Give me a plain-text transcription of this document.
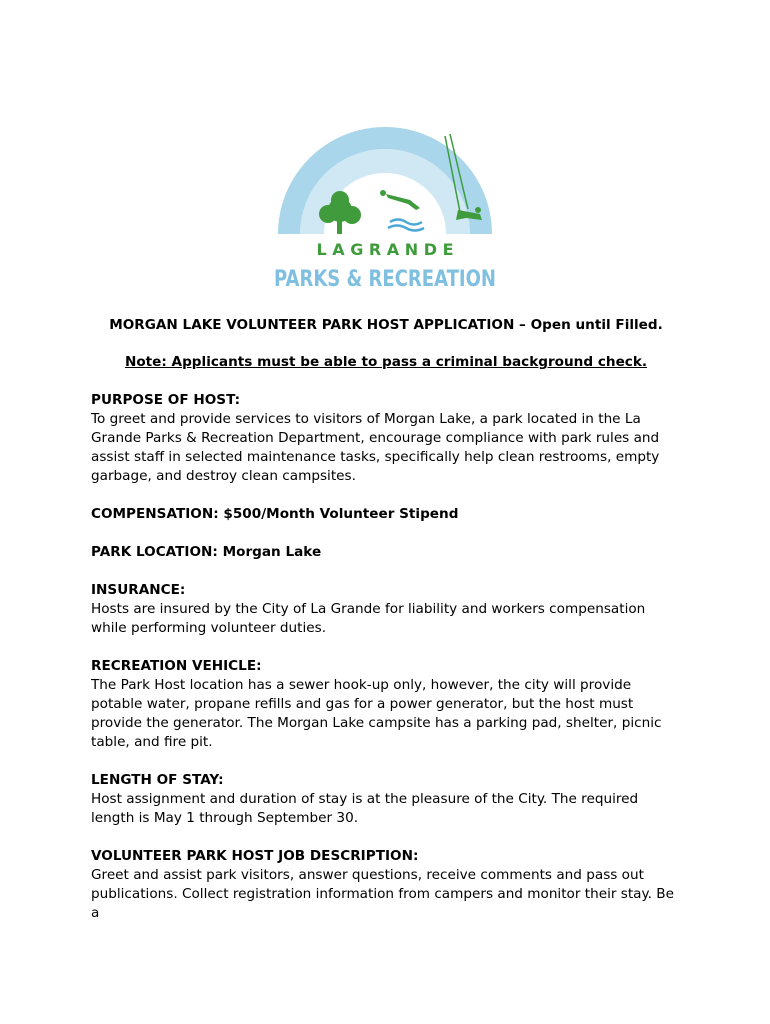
L A G R A N D E
PARKS & RECREATION

MORGAN LAKE VOLUNTEER PARK HOST APPLICATION – Open until Filled.

Note: Applicants must be able to pass a criminal background check.

PURPOSE OF HOST:
To greet and provide services to visitors of Morgan Lake, a park located in the La Grande Parks & Recreation Department, encourage compliance with park rules and assist staff in selected maintenance tasks, specifically help clean restrooms, empty garbage, and destroy clean campsites.
COMPENSATION: $500/Month Volunteer Stipend
PARK LOCATION: Morgan Lake
INSURANCE:
Hosts are insured by the City of La Grande for liability and workers compensation while performing volunteer duties.
RECREATION VEHICLE:
The Park Host location has a sewer hook-up only, however, the city will provide potable water, propane refills and gas for a power generator, but the host must provide the generator. The Morgan Lake campsite has a parking pad, shelter, picnic table, and fire pit.
LENGTH OF STAY:
Host assignment and duration of stay is at the pleasure of the City. The required length is May 1 through September 30.
VOLUNTEER PARK HOST JOB DESCRIPTION:
Greet and assist park visitors, answer questions, receive comments and pass out publications. Collect registration information from campers and monitor their stay. Be a
